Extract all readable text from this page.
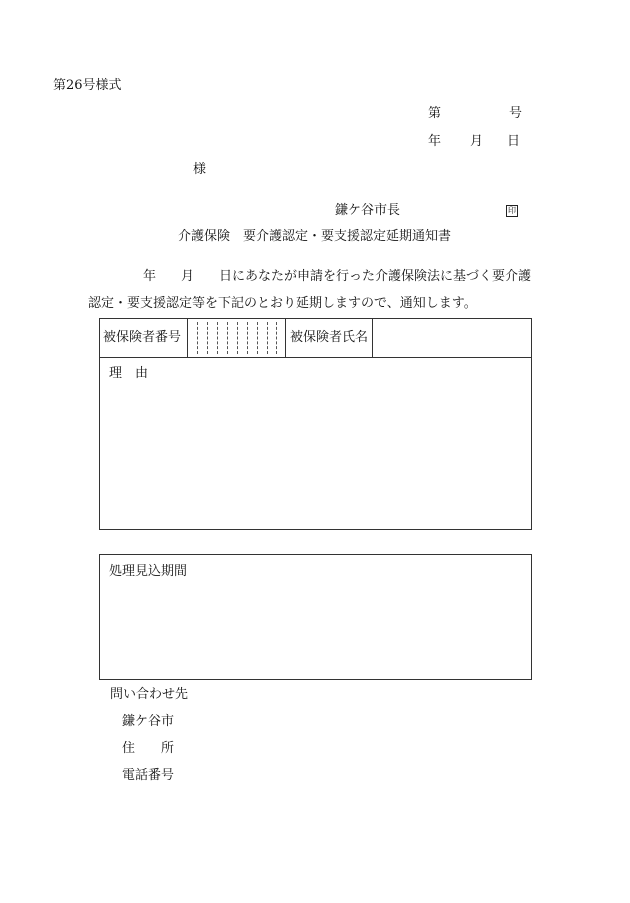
第26号様式
第	号
年 月 日
様
鎌ケ谷市長	印
介護保険　要介護認定・要支援認定延期通知書
年 月 日にあなたが申請を行った介護保険法に基づく要介護
認定・要支援認定等を下記のとおり延期しますので、通知します。
被保険者番号	被保険者氏名
理　由
処理見込期間
問い合わせ先
鎌ケ谷市
住　　所
電話番号
